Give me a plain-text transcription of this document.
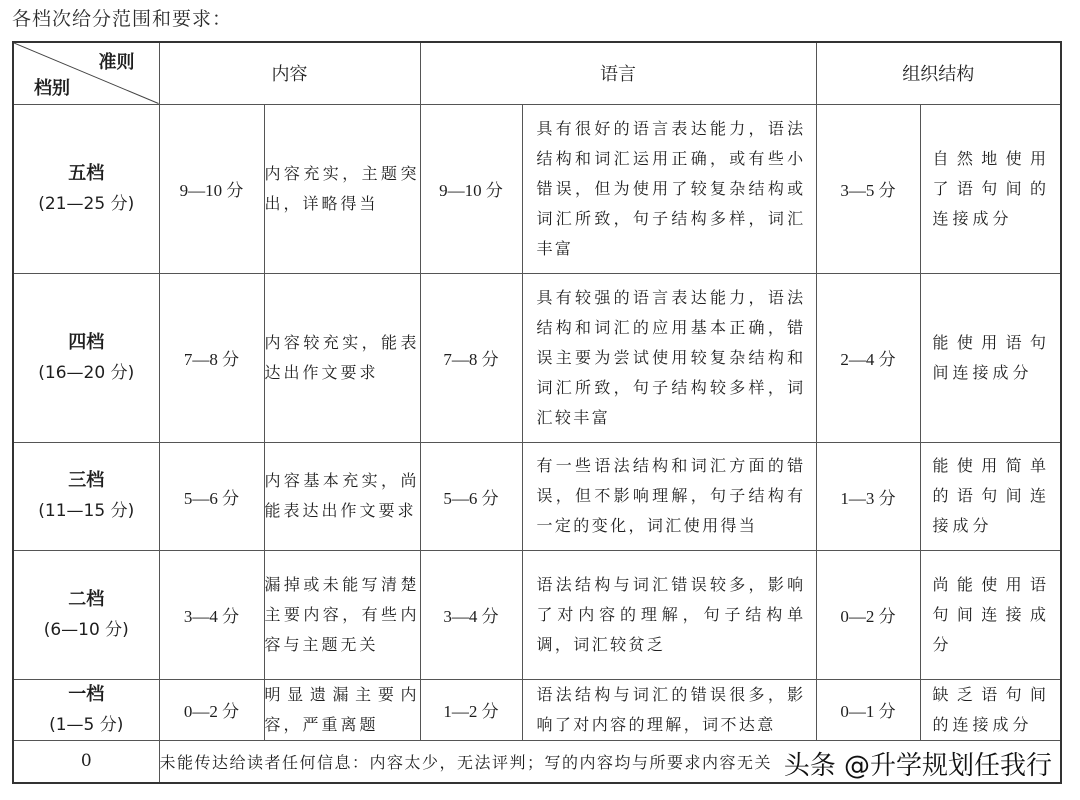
各档次给分范围和要求：
准则
档别	内容		语言		组织结构	

五档
(21—25 分)	9—10 分	内容充实，主题突出，详略得当	9—10 分	具有很好的语言表达能力，语法结构和词汇运用正确，或有些小错误，但为使用了较复杂结构或词汇所致，句子结构多样，词汇丰富	3—5 分	自然地使用了语句间的连接成分

四档
(16—20 分)	7—8 分	内容较充实，能表达出作文要求	7—8 分	具有较强的语言表达能力，语法结构和词汇的应用基本正确，错误主要为尝试使用较复杂结构和词汇所致，句子结构较多样，词汇较丰富	2—4 分	能使用语句间连接成分

三档
(11—15 分)	5—6 分	内容基本充实，尚能表达出作文要求	5—6 分	有一些语法结构和词汇方面的错误，但不影响理解，句子结构有一定的变化，词汇使用得当	1—3 分	能使用简单的语句间连接成分

二档
(6—10 分)	3—4 分	漏掉或未能写清楚主要内容，有些内容与主题无关	3—4 分	语法结构与词汇错误较多，影响了对内容的理解，句子结构单调，词汇较贫乏	0—2 分	尚能使用语句间连接成分

一档
(1—5 分)	0—2 分	明显遗漏主要内容，严重离题	1—2 分	语法结构与词汇的错误很多，影响了对内容的理解，词不达意	0—1 分	缺乏语句间的连接成分
0	未能传达给读者任何信息：内容太少，无法评判；写的内容均与所要求内容无关					头条 @升学规划任我行
